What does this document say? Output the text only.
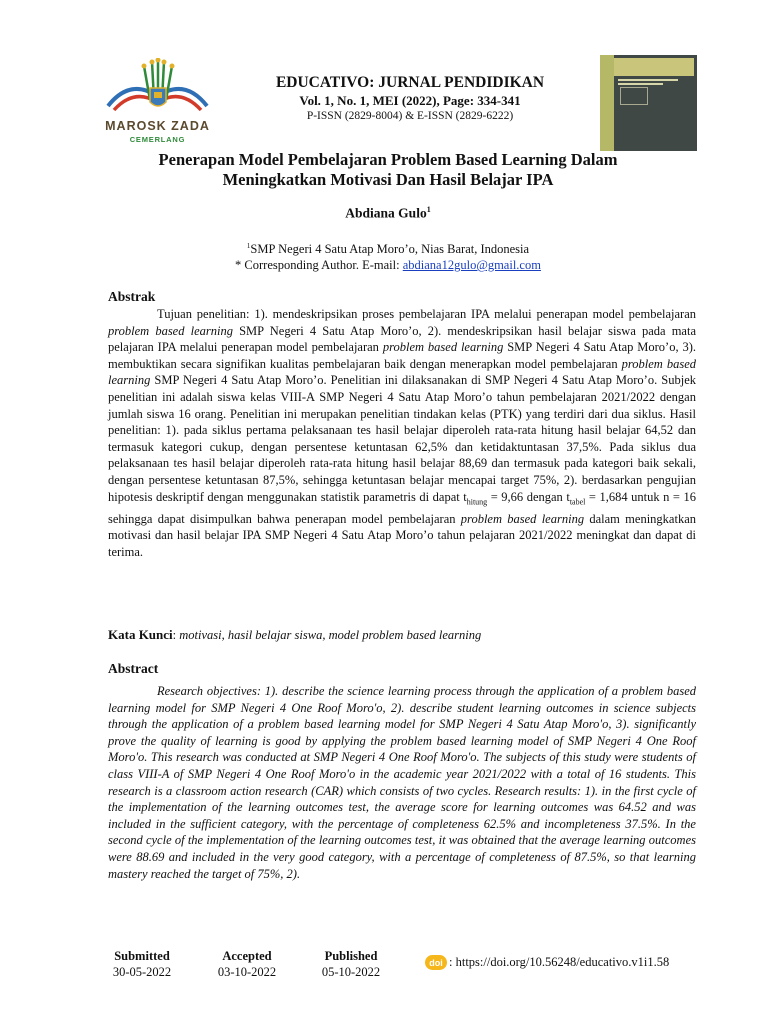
MAROSK ZADA
CEMERLANG
EDUCATIVO: JURNAL PENDIDIKAN
Vol. 1, No. 1, MEI (2022), Page: 334-341
P-ISSN (2829-8004) & E-ISSN (2829-6222)
Penerapan Model Pembelajaran Problem Based Learning Dalam
Meningkatkan Motivasi Dan Hasil Belajar IPA
Abdiana Gulo$^1$
$^1$SMP Negeri 4 Satu Atap Moro’o, Nias Barat, Indonesia
* Corresponding Author. E-mail: abdiana12gulo@gmail.com
Abstrak

Tujuan penelitian: 1). mendeskripsikan proses pembelajaran IPA melalui penerapan model pembelajaran problem based learning SMP Negeri 4 Satu Atap Moro’o, 2). mendeskripsikan hasil belajar siswa pada mata pelajaran IPA melalui penerapan model pembelajaran problem based learning SMP Negeri 4 Satu Atap Moro’o, 3). membuktikan secara signifikan kualitas pembelajaran baik dengan menerapkan model pembelajaran problem based learning SMP Negeri 4 Satu Atap Moro’o. Penelitian ini dilaksanakan di SMP Negeri 4 Satu Atap Moro’o. Subjek penelitian ini adalah siswa kelas VIII-A SMP Negeri 4 Satu Atap Moro’o tahun pembelajaran 2021/2022 dengan jumlah siswa 16 orang. Penelitian ini merupakan penelitian tindakan kelas (PTK) yang terdiri dari dua siklus. Hasil penelitian: 1). pada siklus pertama pelaksanaan tes hasil belajar diperoleh rata-rata hitung hasil belajar 64,52 dan termasuk kategori cukup, dengan persentese ketuntasan 62,5% dan ketidaktuntasan 37,5%. Pada siklus dua pelaksanaan tes hasil belajar diperoleh rata-rata hitung hasil belajar 88,69 dan termasuk pada kategori baik sekali, dengan persentese ketuntasan 87,5%, sehingga ketuntasan belajar mencapai target 75%, 2). berdasarkan pengujian hipotesis deskriptif dengan menggunakan statistik parametris di dapat $t_{hitung} = 9,66$ dengan $t_{tabel} = 1,684$ untuk n = 16 sehingga dapat disimpulkan bahwa penerapan model pembelajaran problem based learning dalam meningkatkan motivasi dan hasil belajar IPA SMP Negeri 4 Satu Atap Moro’o tahun pelajaran 2021/2022 meningkat dan dapat di terima.

Kata Kunci: motivasi, hasil belajar siswa, model problem based learning
Abstract

Research objectives: 1). describe the science learning process through the application of a problem based learning model for SMP Negeri 4 One Roof Moro'o, 2). describe student learning outcomes in science subjects through the application of a problem based learning model for SMP Negeri 4 Satu Atap Moro'o, 3). significantly prove the quality of learning is good by applying the problem based learning model of SMP Negeri 4 One Roof Moro'o. This research was conducted at SMP Negeri 4 One Roof Moro'o. The subjects of this study were students of class VIII-A of SMP Negeri 4 One Roof Moro'o in the academic year 2021/2022 with a total of 16 students. This research is a classroom action research (CAR) which consists of two cycles. Research results: 1). in the first cycle of the implementation of the learning outcomes test, the average score for learning outcomes was 64.52 and was included in the sufficient category, with the percentage of completeness 62.5% and incompleteness 37.5%. In the second cycle of the implementation of the learning outcomes test, it was obtained that the average learning outcomes were 88.69 and included in the very good category, with a percentage of completeness of 87.5%, so that learning mastery reached the target of 75%, 2).

Submitted
30-05-2022
Accepted
03-10-2022
Published
05-10-2022
doi : https://doi.org/10.56248/educativo.v1i1.58
